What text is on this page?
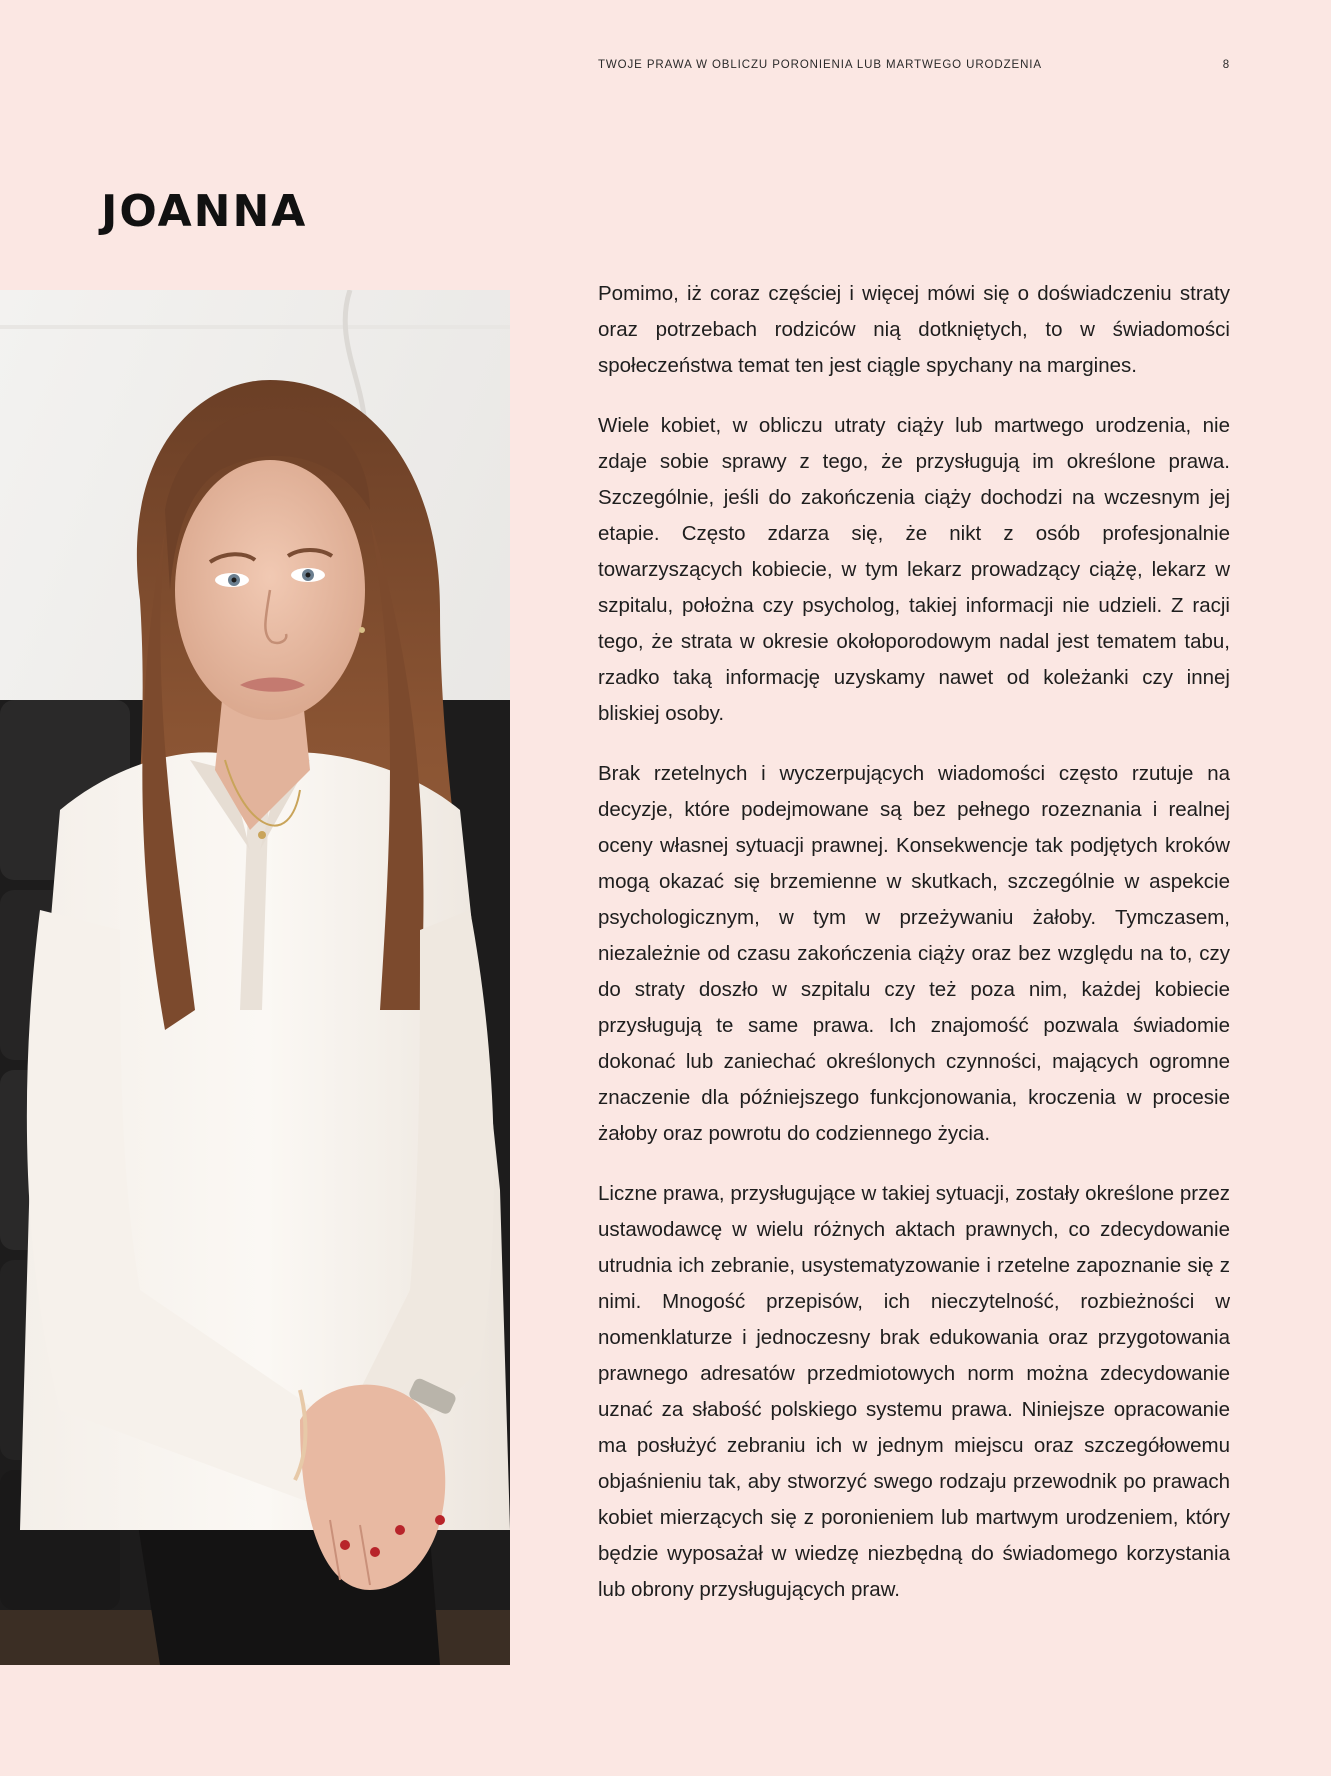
TWOJE PRAWA W OBLICZU PORONIENIA LUB MARTWEGO URODZENIA	8
JOANNA

Pomimo, iż coraz częściej i więcej mówi się o doświadczeniu straty oraz potrzebach rodziców nią dotkniętych, to w świadomości społeczeństwa temat ten jest ciągle spychany na margines.

Wiele kobiet, w obliczu utraty ciąży lub martwego urodzenia, nie zdaje sobie sprawy z tego, że przysługują im określone prawa. Szczególnie, jeśli do zakończenia ciąży dochodzi na wczesnym jej etapie. Często zdarza się, że nikt z osób profesjonalnie towarzyszących kobiecie, w tym lekarz prowadzący ciążę, lekarz w szpitalu, położna czy psycholog, takiej informacji nie udzieli. Z racji tego, że strata w okresie okołoporodowym nadal jest tematem tabu, rzadko taką informację uzyskamy nawet od koleżanki czy innej bliskiej osoby.

Brak rzetelnych i wyczerpujących wiadomości często rzutuje na decyzje, które podejmowane są bez pełnego rozeznania i realnej oceny własnej sytuacji prawnej. Konsekwencje tak podjętych kroków mogą okazać się brzemienne w skutkach, szczególnie w aspekcie psychologicznym, w tym w przeżywaniu żałoby. Tymczasem, niezależnie od czasu zakończenia ciąży oraz bez względu na to, czy do straty doszło w szpitalu czy też poza nim, każdej kobiecie przysługują te same prawa. Ich znajomość pozwala świadomie dokonać lub zaniechać określonych czynności, mających ogromne znaczenie dla późniejszego funkcjonowania, kroczenia w procesie żałoby oraz powrotu do codziennego życia.

Liczne prawa, przysługujące w takiej sytuacji, zostały określone przez ustawodawcę w wielu różnych aktach prawnych, co zdecydowanie utrudnia ich zebranie, usystematyzowanie i rzetelne zapoznanie się z nimi. Mnogość przepisów, ich nieczytelność, rozbieżności w nomenklaturze i jednoczesny brak edukowania oraz przygotowania prawnego adresatów przedmiotowych norm można zdecydowanie uznać za słabość polskiego systemu prawa. Niniejsze opracowanie ma posłużyć zebraniu ich w jednym miejscu oraz szczegółowemu objaśnieniu tak, aby stworzyć swego rodzaju przewodnik po prawach kobiet mierzących się z poronieniem lub martwym urodzeniem, który będzie wyposażał w wiedzę niezbędną do świadomego korzystania lub obrony przysługujących praw.
